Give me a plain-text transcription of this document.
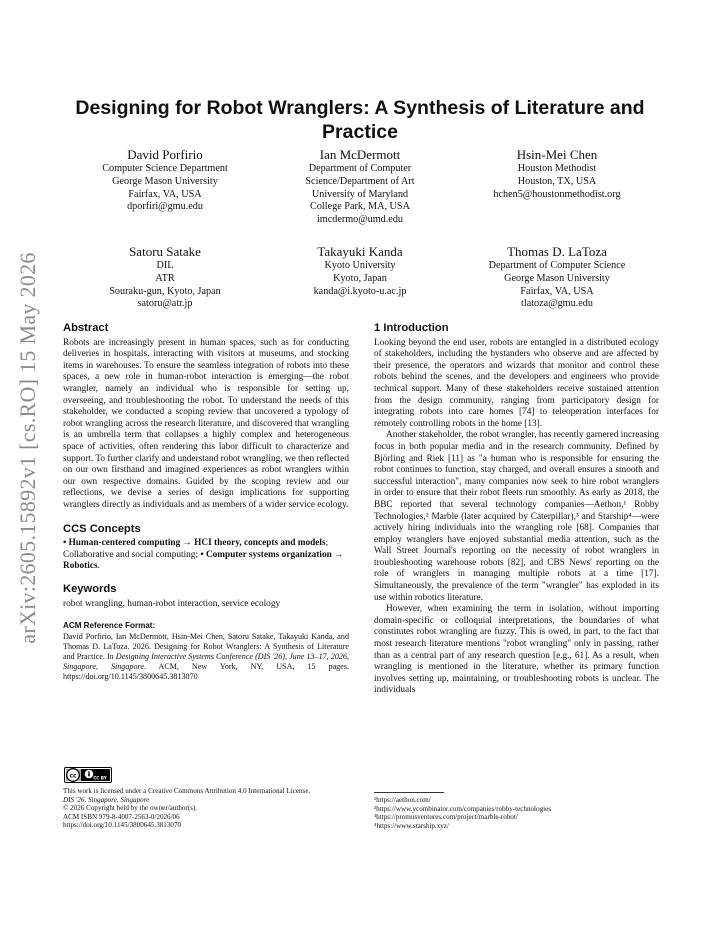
arXiv:2605.15892v1 [cs.RO] 15 May 2026
Designing for Robot Wranglers: A Synthesis of Literature and Practice
David Porfirio
Computer Science Department
George Mason University
Fairfax, VA, USA
dporfiri@gmu.edu
Ian McDermott
Department of Computer
Science/Department of Art
University of Maryland
College Park, MA, USA
imcdermo@umd.edu
Hsin-Mei Chen
Houston Methodist
Houston, TX, USA
hchen5@houstonmethodist.org
Satoru Satake
DIL
ATR
Souraku-gun, Kyoto, Japan
satoru@atr.jp
Takayuki Kanda
Kyoto University
Kyoto, Japan
kanda@i.kyoto-u.ac.jp
Thomas D. LaToza
Department of Computer Science
George Mason University
Fairfax, VA, USA
tlatoza@gmu.edu
Abstract

Robots are increasingly present in human spaces, such as for conducting deliveries in hospitals, interacting with visitors at museums, and stocking items in warehouses. To ensure the seamless integration of robots into these spaces, a new role in human-robot interaction is emerging—the robot wrangler, namely an individual who is responsible for setting up, overseeing, and troubleshooting the robot. To understand the needs of this stakeholder, we conducted a scoping review that uncovered a typology of robot wrangling across the research literature, and discovered that wrangling is an umbrella term that collapses a highly complex and heterogeneous space of activities, often rendering this labor difficult to characterize and support. To further clarify and understand robot wrangling, we then reflected on our own firsthand and imagined experiences as robot wranglers within our own respective domains. Guided by the scoping review and our reflections, we devise a series of design implications for supporting wranglers directly as individuals and as members of a wider service ecology.

CCS Concepts

• Human-centered computing → HCI theory, concepts and models; Collaborative and social computing; • Computer systems organization → Robotics.

Keywords

robot wrangling, human-robot interaction, service ecology

ACM Reference Format:

David Porfirio, Ian McDermott, Hsin-Mei Chen, Satoru Satake, Takayuki Kanda, and Thomas D. LaToza. 2026. Designing for Robot Wranglers: A Synthesis of Literature and Practice. In Designing Interactive Systems Conference (DIS '26), June 13–17, 2026, Singapore, Singapore. ACM, New York, NY, USA, 15 pages. https://doi.org/10.1145/3800645.3813070

cc	CC BY
This work is licensed under a Creative Commons Attribution 4.0 International License.
DIS '26, Singapore, Singapore
© 2026 Copyright held by the owner/author(s).
ACM ISBN 979-8-4007-2563-0/2026/06
https://doi.org/10.1145/3800645.3813070
1 Introduction

Looking beyond the end user, robots are entangled in a distributed ecology of stakeholders, including the bystanders who observe and are affected by their presence, the operators and wizards that monitor and control these robots behind the scenes, and the developers and engineers who provide technical support. Many of these stakeholders receive sustained attention from the design community, ranging from participatory design for integrating robots into care homes [74] to teleoperation interfaces for remotely controlling robots in the home [13].

Another stakeholder, the robot wrangler, has recently garnered increasing focus in both popular media and in the research community. Defined by Björling and Riek [11] as "a human who is responsible for ensuring the robot continues to function, stay charged, and overall ensures a smooth and successful interaction", many companies now seek to hire robot wranglers in order to ensure that their robot fleets run smoothly. As early as 2018, the BBC reported that several technology companies—Aethon,¹ Robby Technologies,² Marble (later acquired by Caterpillar),³ and Starship⁴—were actively hiring individuals into the wrangling role [68]. Companies that employ wranglers have enjoyed substantial media attention, such as the Wall Street Journal's reporting on the necessity of robot wranglers in troubleshooting warehouse robots [82], and CBS News' reporting on the role of wranglers in managing multiple robots at a time [17]. Simultaneously, the prevalence of the term "wrangler" has exploded in its use within robotics literature.

However, when examining the term in isolation, without importing domain-specific or colloquial interpretations, the boundaries of what constitutes robot wrangling are fuzzy. This is owed, in part, to the fact that most research literature mentions "robot wrangling" only in passing, rather than as a central part of any research question [e.g., 61]. As a result, when wrangling is mentioned in the literature, whether its primary function involves setting up, maintaining, or troubleshooting robots is unclear. The individuals

¹https://aethon.com/
²https://www.ycombinator.com/companies/robby-technologies
³https://promusventures.com/project/marble-robot/
⁴https://www.starship.xyz/
